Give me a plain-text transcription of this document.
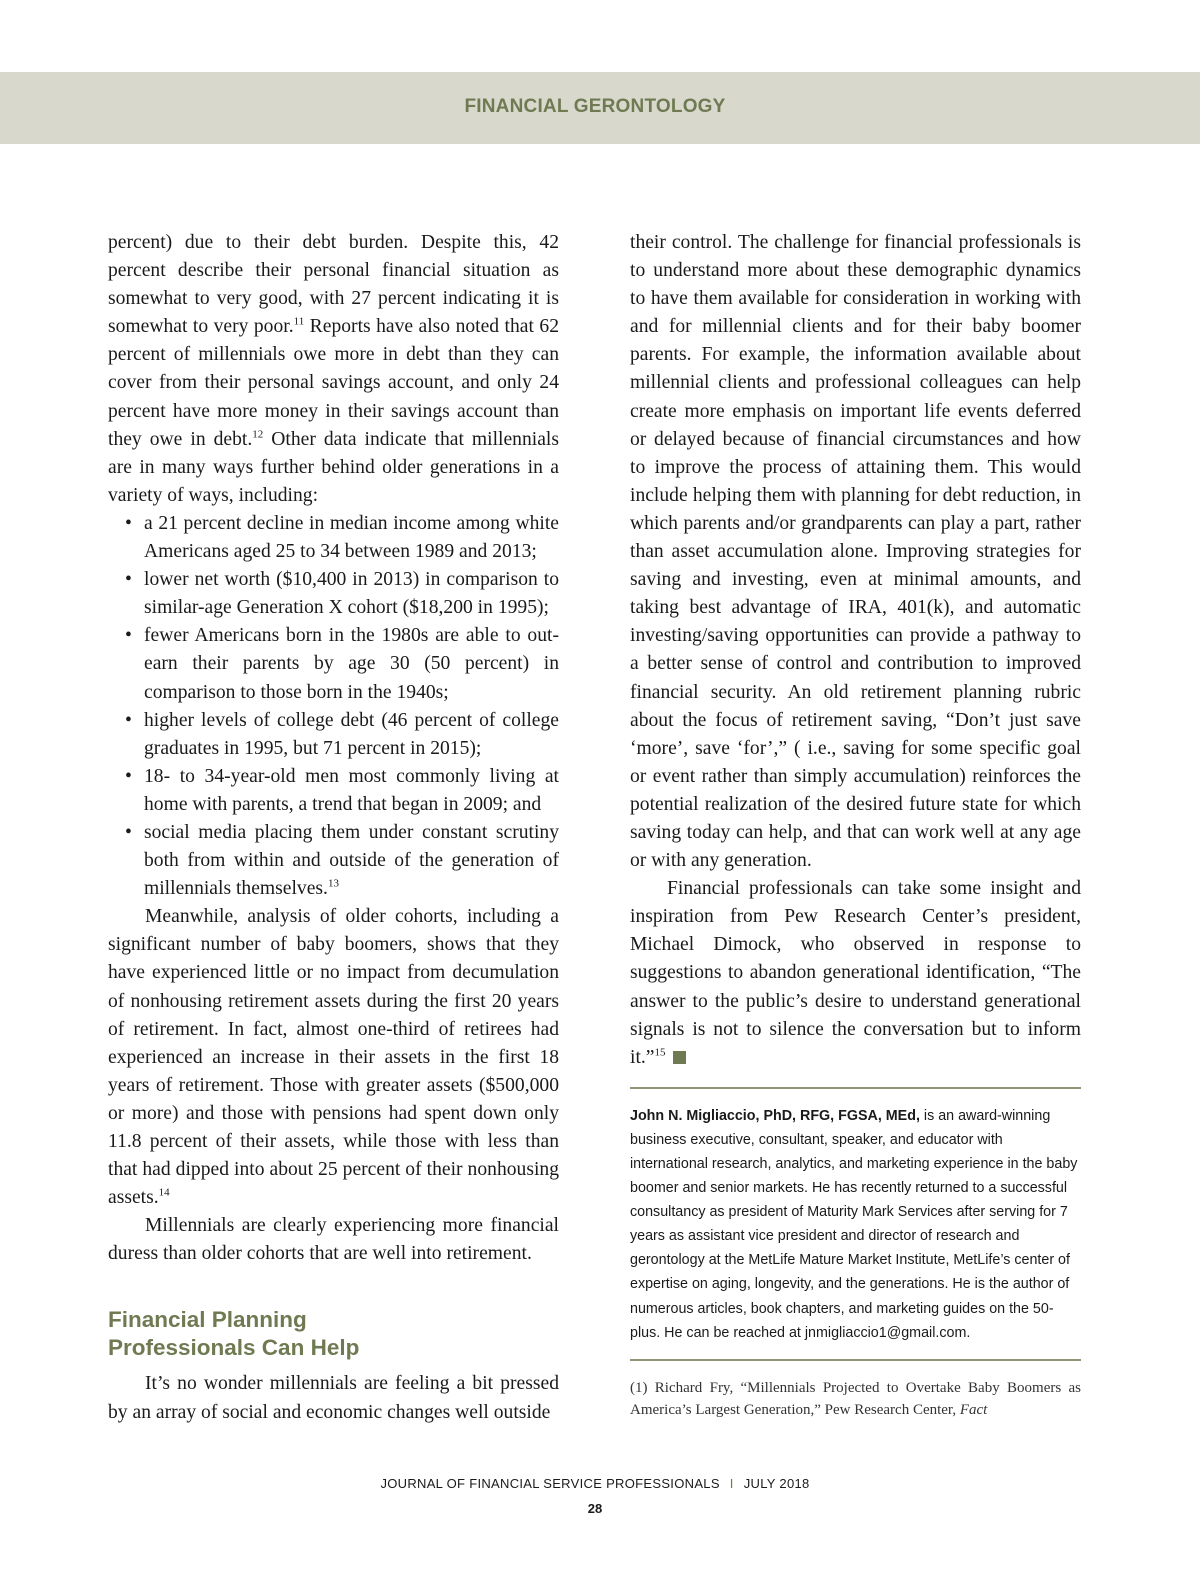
FINANCIAL GERONTOLOGY

percent) due to their debt burden. Despite this, 42 percent describe their personal financial situation as somewhat to very good, with 27 percent indicating it is somewhat to very poor.$^{11}$ Reports have also noted that 62 percent of millennials owe more in debt than they can cover from their personal savings account, and only 24 percent have more money in their savings account than they owe in debt.$^{12}$ Other data indicate that millennials are in many ways further behind older generations in a variety of ways, including:

• a 21 percent decline in median income among white Americans aged 25 to 34 between 1989 and 2013;
• lower net worth ($10,400 in 2013) in comparison to similar-age Generation X cohort ($18,200 in 1995);
• fewer Americans born in the 1980s are able to out-earn their parents by age 30 (50 percent) in comparison to those born in the 1940s;
• higher levels of college debt (46 percent of college graduates in 1995, but 71 percent in 2015);
• 18- to 34-year-old men most commonly living at home with parents, a trend that began in 2009; and
• social media placing them under constant scrutiny both from within and outside of the generation of millennials themselves.$^{13}$

Meanwhile, analysis of older cohorts, including a significant number of baby boomers, shows that they have experienced little or no impact from decumulation of nonhousing retirement assets during the first 20 years of retirement. In fact, almost one-third of retirees had experienced an increase in their assets in the first 18 years of retirement. Those with greater assets ($500,000 or more) and those with pensions had spent down only 11.8 percent of their assets, while those with less than that had dipped into about 25 percent of their nonhousing assets.$^{14}$

Millennials are clearly experiencing more financial duress than older cohorts that are well into retirement.

Financial Planning
Professionals Can Help

It’s no wonder millennials are feeling a bit pressed by an array of social and economic changes well outside

their control. The challenge for financial professionals is to understand more about these demographic dynamics to have them available for consideration in working with and for millennial clients and for their baby boomer parents. For example, the information available about millennial clients and professional colleagues can help create more emphasis on important life events deferred or delayed because of financial circumstances and how to improve the process of attaining them. This would include helping them with planning for debt reduction, in which parents and/or grandparents can play a part, rather than asset accumulation alone. Improving strategies for saving and investing, even at minimal amounts, and taking best advantage of IRA, 401(k), and automatic investing/saving opportunities can provide a pathway to a better sense of control and contribution to improved financial security. An old retirement planning rubric about the focus of retirement saving, “Don’t just save ‘more’, save ‘for’,” ( i.e., saving for some specific goal or event rather than simply accumulation) reinforces the potential realization of the desired future state for which saving today can help, and that can work well at any age or with any generation.

Financial professionals can take some insight and inspiration from Pew Research Center’s president, Michael Dimock, who observed in response to suggestions to abandon generational identification, “The answer to the public’s desire to understand generational signals is not to silence the conversation but to inform it.”$^{15}$

John N. Migliaccio, PhD, RFG, FGSA, MEd, is an award-winning business executive, consultant, speaker, and educator with international research, analytics, and marketing experience in the baby boomer and senior markets. He has recently returned to a successful consultancy as president of Maturity Mark Services after serving for 7 years as assistant vice president and director of research and gerontology at the MetLife Mature Market Institute, MetLife’s center of expertise on aging, longevity, and the generations. He is the author of numerous articles, book chapters, and marketing guides on the 50-plus. He can be reached at jnmigliaccio1@gmail.com.
(1) Richard Fry, “Millennials Projected to Overtake Baby Boomers as America’s Largest Generation,” Pew Research Center, Fact
JOURNAL OF FINANCIAL SERVICE PROFESSIONALS I JULY 2018
28
